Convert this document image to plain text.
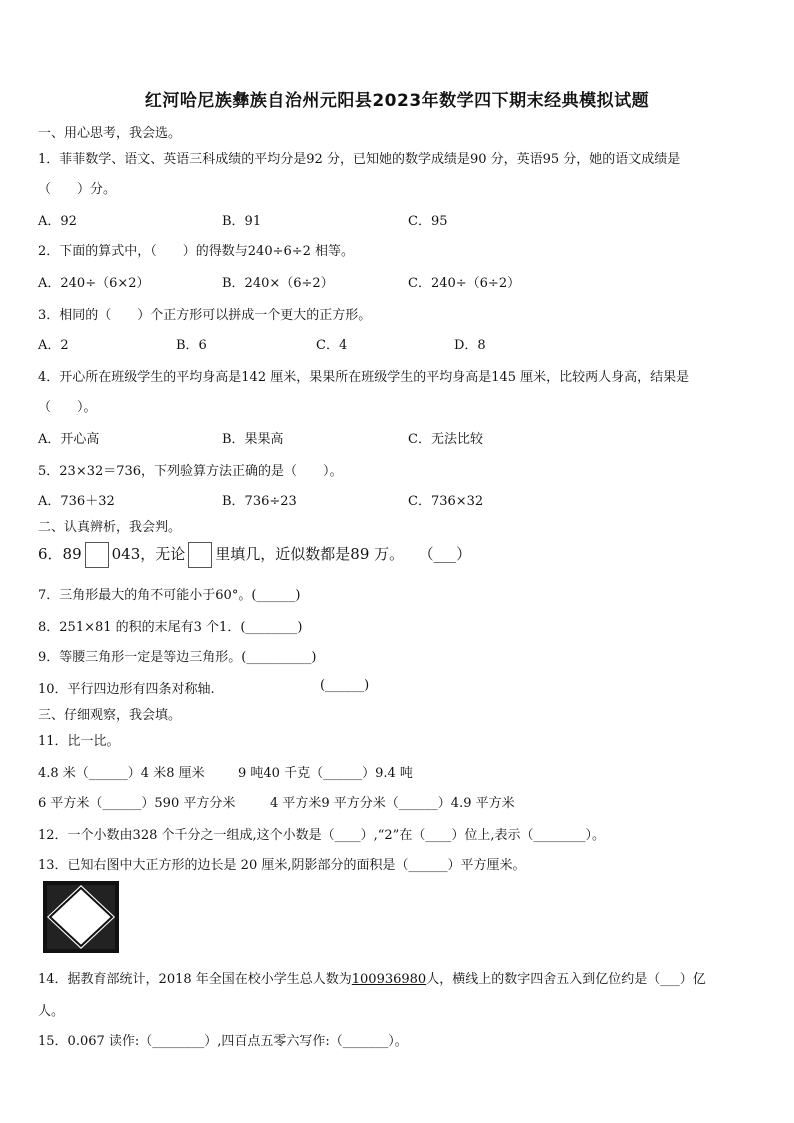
红河哈尼族彝族自治州元阳县2023年数学四下期末经典模拟试题
一、用心思考，我会选。
1．菲菲数学、语文、英语三科成绩的平均分是92 分，已知她的数学成绩是90 分，英语95 分，她的语文成绩是
（　　）分。
A．92	B．91	C．95
2．下面的算式中，（　　）的得数与240÷6÷2 相等。
A．240÷（6×2）	B．240×（6÷2）	C．240÷（6÷2）
3．相同的（　　）个正方形可以拼成一个更大的正方形。
A．2	B．6	C．4	D．8
4．开心所在班级学生的平均身高是142 厘米，果果所在班级学生的平均身高是145 厘米，比较两人身高，结果是
（　　）。
A．开心高	B．果果高	C．无法比较
5．23×32＝736，下列验算方法正确的是（　　）。
A．736＋32	B．736÷23	C．736×32
二、认真辨析，我会判。
6．89 043，无论 里填几，近似数都是89 万。 （___）
7．三角形最大的角不可能小于60°。(______)
8．251×81 的积的末尾有3 个1．(________)
9．等腰三角形一定是等边三角形。(__________)
10．平行四边形有四条对称轴.	(______)
三、仔细观察，我会填。
11．比一比。
4.8 米（______）4 米8 厘米	9 吨40 千克（______）9.4 吨
6 平方米（______）590 平方分米	4 平方米9 平方分米（______）4.9 平方米
12．一个小数由328 个千分之一组成,这个小数是（____）,“2”在（____）位上,表示（________）。
13．已知右图中大正方形的边长是 20 厘米,阴影部分的面积是（______）平方厘米。
14．据教育部统计，2018 年全国在校小学生总人数为100936980人，横线上的数字四舍五入到亿位约是（___）亿
人。
15．0.067 读作:（________）,四百点五零六写作:（_______）。
